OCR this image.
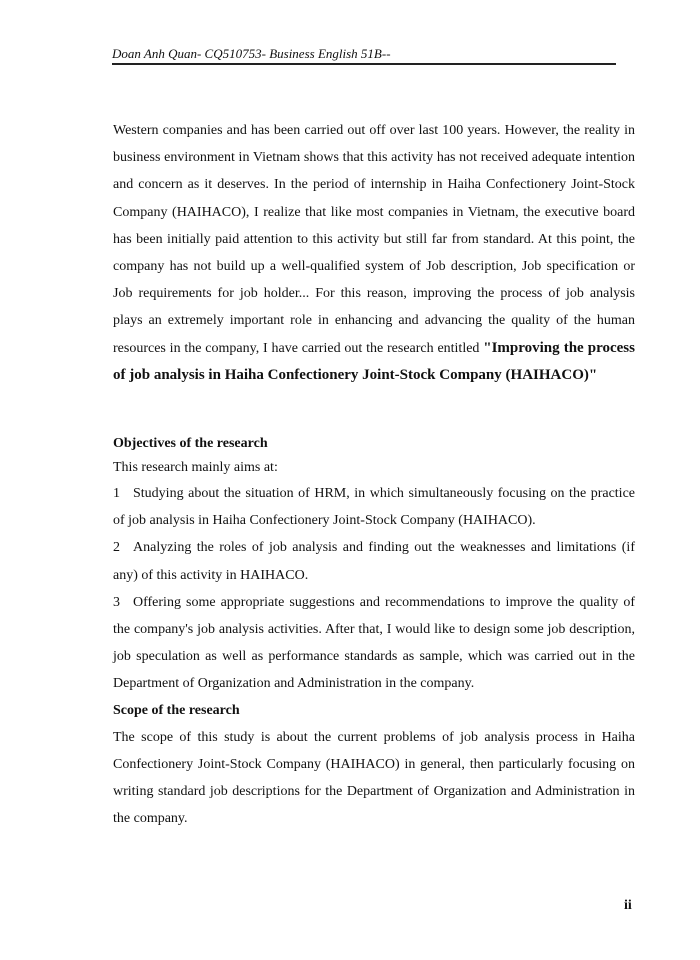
Doan Anh Quan- CQ510753- Business English 51B--

Western companies and has been carried out off over last 100 years. However, the reality in business environment in Vietnam shows that this activity has not received adequate intention and concern as it deserves. In the period of internship in Haiha Confectionery Joint-Stock Company (HAIHACO), I realize that like most companies in Vietnam, the executive board has been initially paid attention to this activity but still far from standard. At this point, the company has not build up a well-qualified system of Job description, Job specification or Job requirements for job holder... For this reason, improving the process of job analysis plays an extremely important role in enhancing and advancing the quality of the human resources in the company, I have carried out the research entitled "Improving the process of job analysis in Haiha Confectionery Joint-Stock Company (HAIHACO)"

Objectives of the research

This research mainly aims at:

1 Studying about the situation of HRM, in which simultaneously focusing on the practice of job analysis in Haiha Confectionery Joint-Stock Company (HAIHACO).

2 Analyzing the roles of job analysis and finding out the weaknesses and limitations (if any) of this activity in HAIHACO.

3 Offering some appropriate suggestions and recommendations to improve the quality of the company's job analysis activities. After that, I would like to design some job description, job speculation as well as performance standards as sample, which was carried out in the Department of Organization and Administration in the company.

Scope of the research

The scope of this study is about the current problems of job analysis process in Haiha Confectionery Joint-Stock Company (HAIHACO) in general, then particularly focusing on writing standard job descriptions for the Department of Organization and Administration in the company.

ii
